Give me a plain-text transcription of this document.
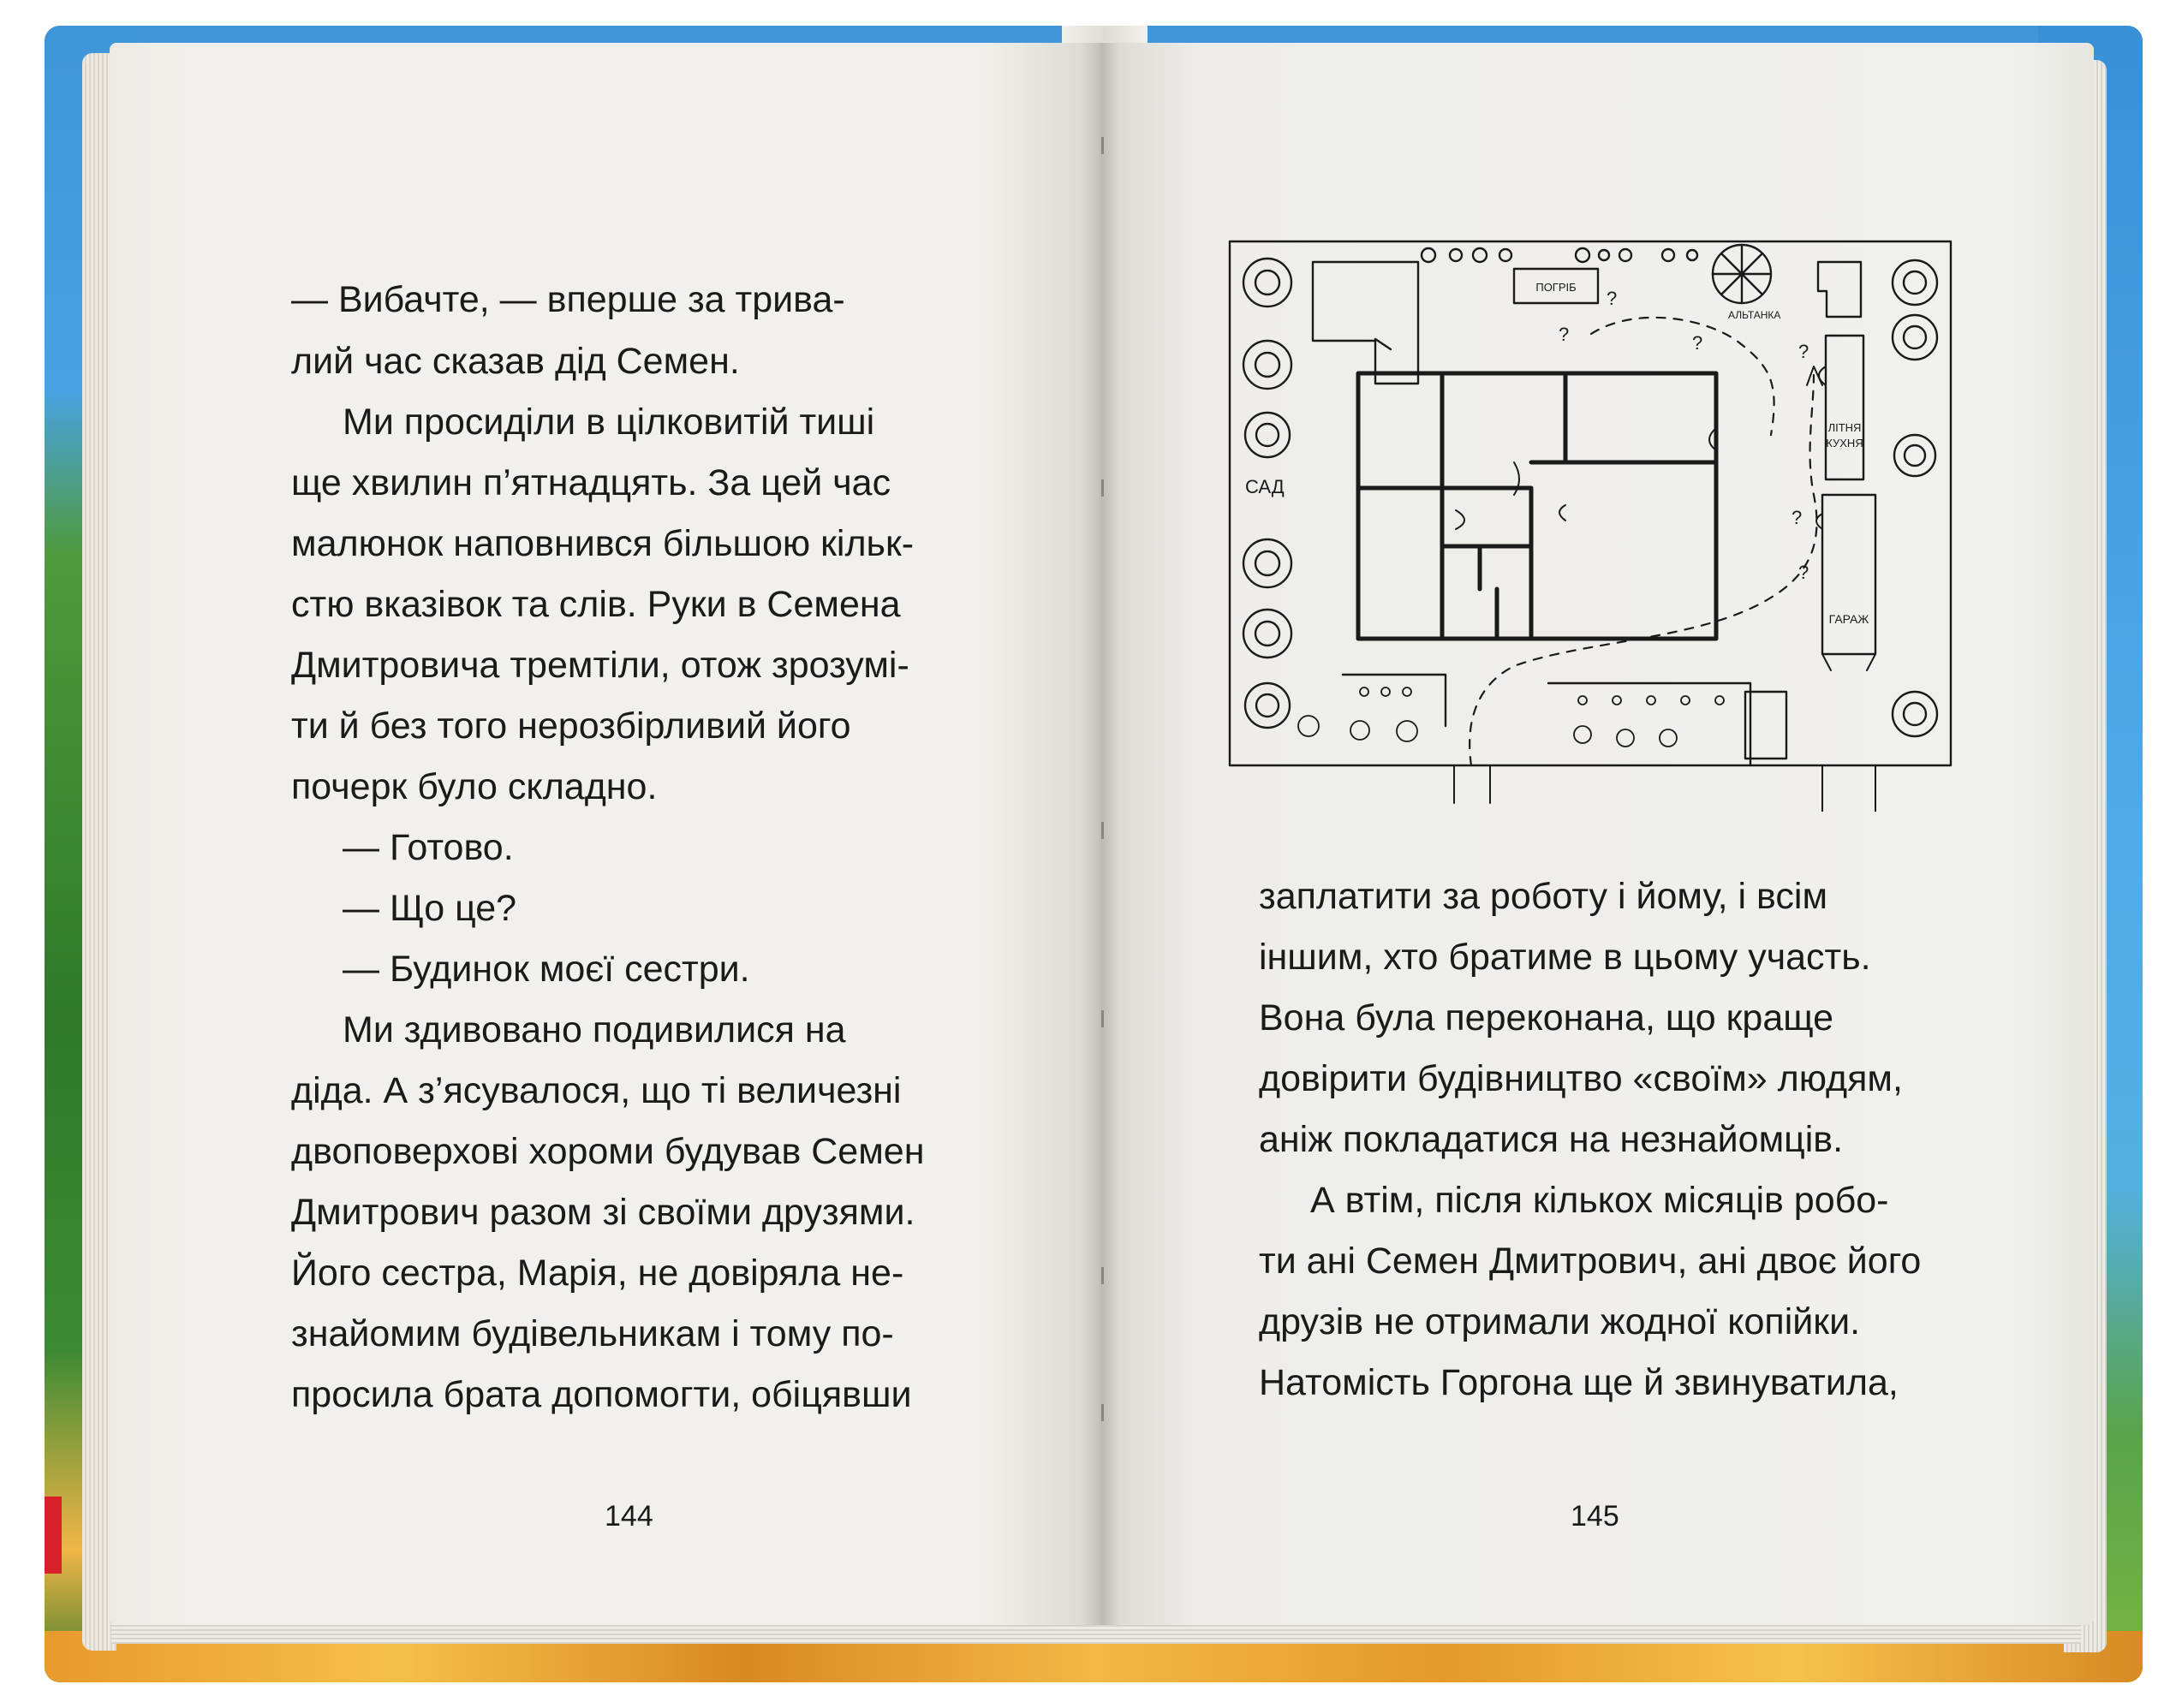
— Вибачте, — вперше за трива-
лий час сказав дід Семен.
Ми просиділи в цілковитій тиші
ще хвилин п’ятнадцять. За цей час
малюнок наповнився більшою кільк-
стю вказівок та слів. Руки в Семена
Дмитровича тремтіли, отож зрозумі-
ти й без того нерозбірливий його
почерк було складно.
— Готово.
— Що це?
— Будинок моєї сестри.
Ми здивовано подивилися на
діда. А з’ясувалося, що ті величезні
двоповерхові хороми будував Семен
Дмитрович разом зі своїми друзями.
Його сестра, Марія, не довіряла не-
знайомим будівельникам і тому по-
просила брата допомогти, обіцявши
144
ПОГРІБ
АЛЬТАНКА
САД
ЛІТНЯ
КУХНЯ
ГАРАЖ
?
?	?	?
?
?
заплатити за роботу і йому, і всім
іншим, хто братиме в цьому участь.
Вона була переконана, що краще
довірити будівництво «своїм» людям,
аніж покладатися на незнайомців.
А втім, після кількох місяців робо-
ти ані Семен Дмитрович, ані двоє його
друзів не отримали жодної копійки.
Натомість Горгона ще й звинуватила,
145
